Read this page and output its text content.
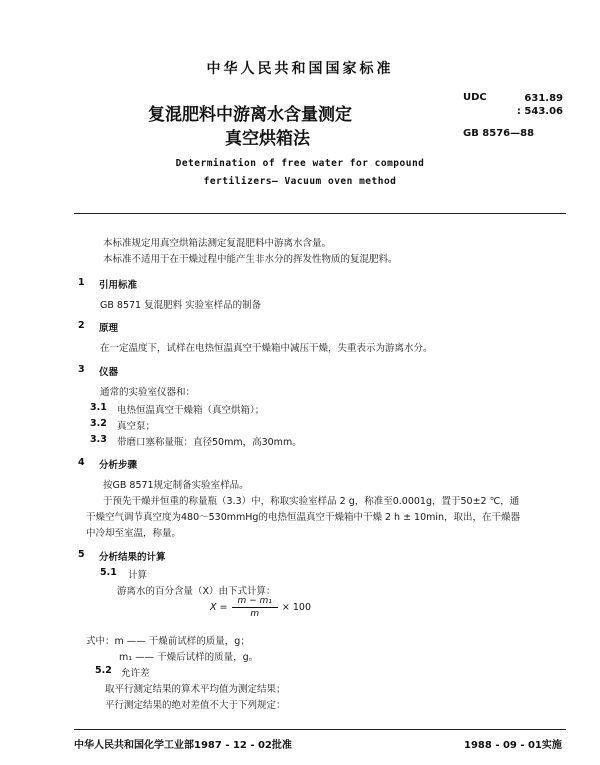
中华人民共和国国家标准
复混肥料中游离水含量测定
真空烘箱法
UDC	631.89
: 543.06
GB 8576—88
Determination of free water for compound
fertilizers— Vacuum oven method
本标准规定用真空烘箱法测定复混肥料中游离水含量。
本标准不适用于在干燥过程中能产生非水分的挥发性物质的复混肥料。
1 引用标准
GB 8571 复混肥料 实验室样品的制备
2 原理
在一定温度下，试样在电热恒温真空干燥箱中减压干燥，失重表示为游离水分。
3 仪器
通常的实验室仪器和：
3.1 电热恒温真空干燥箱（真空烘箱）；
3.2 真空泵；
3.3 带磨口塞称量瓶：直径50mm，高30mm。
4 分析步骤
按GB 8571规定制备实验室样品。
于预先干燥并恒重的称量瓶（3.3）中，称取实验室样品 2 g，称准至0.0001g，置于50±2 ℃，通
干燥空气调节真空度为480～530mmHg的电热恒温真空干燥箱中干燥 2 h ± 10min，取出，在干燥器
中冷却至室温，称量。
5 分析结果的计算
5.1 计算
游离水的百分含量（X）由下式计算：
$X = \frac{\text{m − m₁}}{m} \times 100$
式中：m —— 干燥前试样的质量，g；
m₁ —— 干燥后试样的质量，g。
5.2 允许差
取平行测定结果的算术平均值为测定结果；
平行测定结果的绝对差值不大于下列规定：
中华人民共和国化学工业部1987 - 12 - 02批准	1988 - 09 - 01实施
